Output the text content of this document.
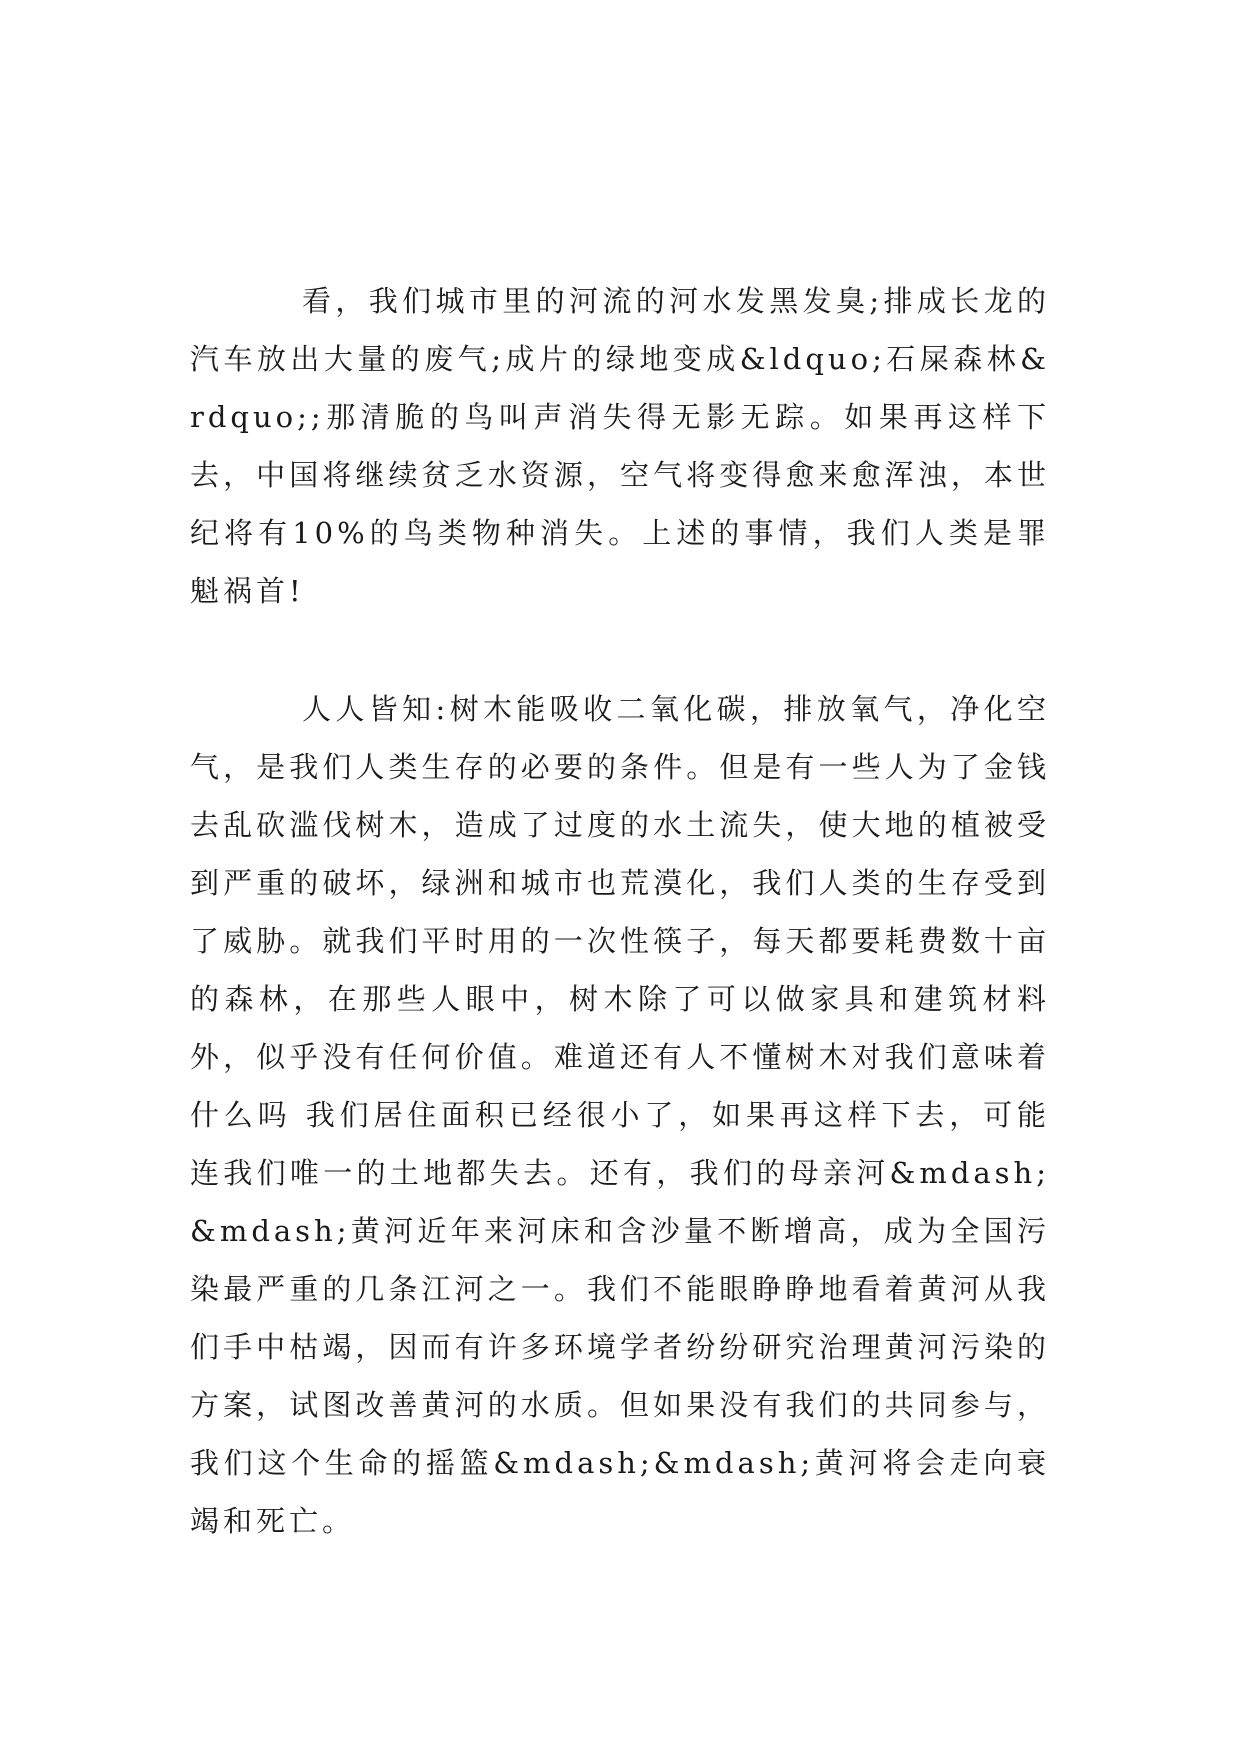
看，我们城市里的河流的河水发黑发臭;排成长龙的汽车放出大量的废气;成片的绿地变成&ldquo;石屎森林&rdquo;;那清脆的鸟叫声消失得无影无踪。如果再这样下去，中国将继续贫乏水资源，空气将变得愈来愈浑浊，本世纪将有10%的鸟类物种消失。上述的事情，我们人类是罪魁祸首!

人人皆知:树木能吸收二氧化碳，排放氧气，净化空气，是我们人类生存的必要的条件。但是有一些人为了金钱去乱砍滥伐树木，造成了过度的水土流失，使大地的植被受到严重的破坏，绿洲和城市也荒漠化，我们人类的生存受到了威胁。就我们平时用的一次性筷子，每天都要耗费数十亩的森林，在那些人眼中，树木除了可以做家具和建筑材料外，似乎没有任何价值。难道还有人不懂树木对我们意味着什么吗 我们居住面积已经很小了，如果再这样下去，可能连我们唯一的土地都失去。还有，我们的母亲河&mdash;&mdash;黄河近年来河床和含沙量不断增高，成为全国污染最严重的几条江河之一。我们不能眼睁睁地看着黄河从我们手中枯竭，因而有许多环境学者纷纷研究治理黄河污染的方案，试图改善黄河的水质。但如果没有我们的共同参与，我们这个生命的摇篮&mdash;&mdash;黄河将会走向衰竭和死亡。
